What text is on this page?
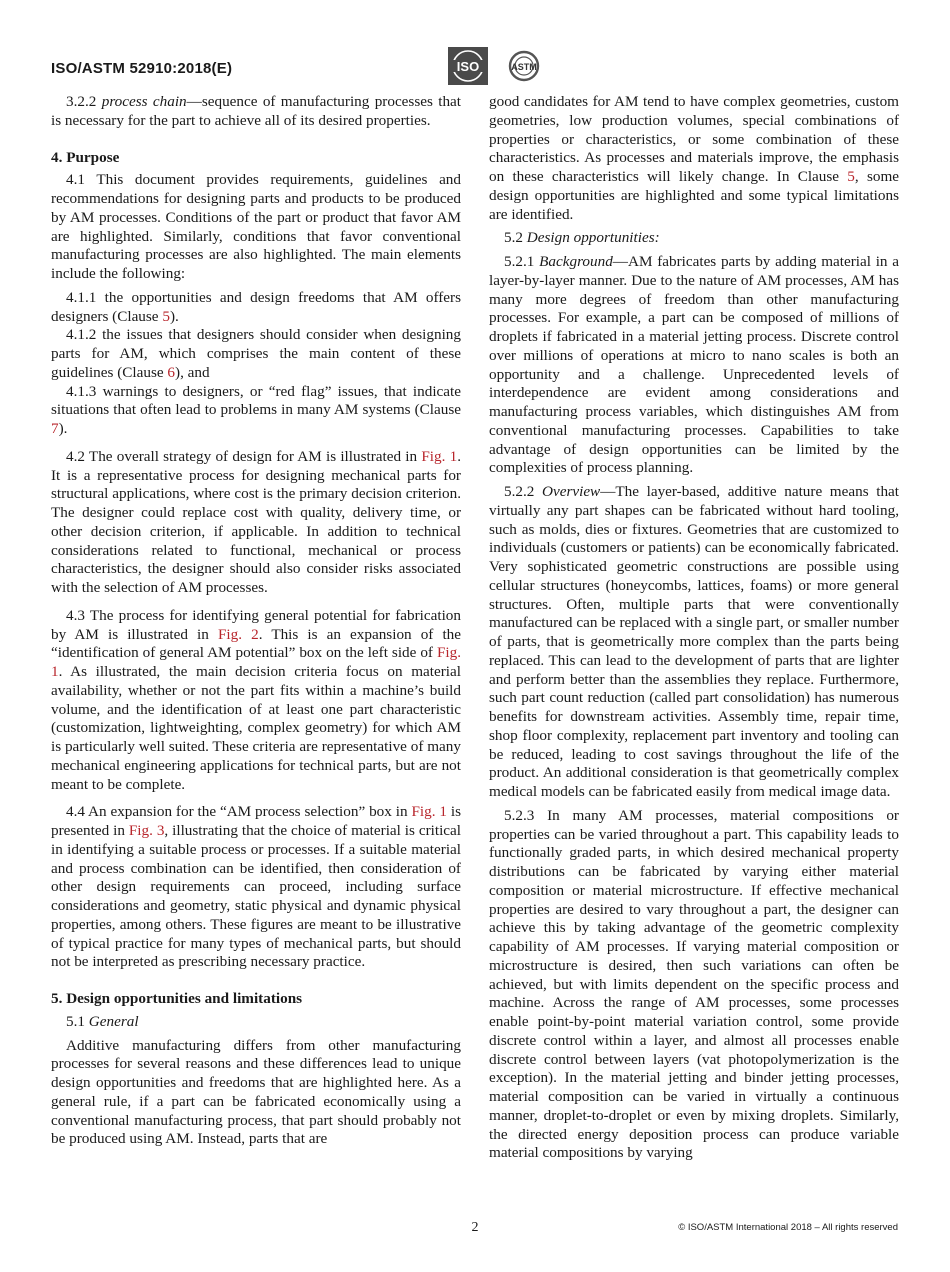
ISO/ASTM 52910:2018(E)	ISO	ASTM

3.2.2 process chain—sequence of manufacturing processes that is necessary for the part to achieve all of its desired properties.

4. Purpose

4.1 This document provides requirements, guidelines and recommendations for designing parts and products to be produced by AM processes. Conditions of the part or product that favor AM are highlighted. Similarly, conditions that favor conventional manufacturing processes are also highlighted. The main elements include the following:

4.1.1 the opportunities and design freedoms that AM offers designers (Clause 5).

4.1.2 the issues that designers should consider when designing parts for AM, which comprises the main content of these guidelines (Clause 6), and

4.1.3 warnings to designers, or “red flag” issues, that indicate situations that often lead to problems in many AM systems (Clause 7).

4.2 The overall strategy of design for AM is illustrated in Fig. 1. It is a representative process for designing mechanical parts for structural applications, where cost is the primary decision criterion. The designer could replace cost with quality, delivery time, or other decision criterion, if applicable. In addition to technical considerations related to functional, mechanical or process characteristics, the designer should also consider risks associated with the selection of AM processes.

4.3 The process for identifying general potential for fabrication by AM is illustrated in Fig. 2. This is an expansion of the “identification of general AM potential” box on the left side of Fig. 1. As illustrated, the main decision criteria focus on material availability, whether or not the part fits within a machine’s build volume, and the identification of at least one part characteristic (customization, lightweighting, complex geometry) for which AM is particularly well suited. These criteria are representative of many mechanical engineering applications for technical parts, but are not meant to be complete.

4.4 An expansion for the “AM process selection” box in Fig. 1 is presented in Fig. 3, illustrating that the choice of material is critical in identifying a suitable process or processes. If a suitable material and process combination can be identified, then consideration of other design requirements can proceed, including surface considerations and geometry, static physical and dynamic physical properties, among others. These figures are meant to be illustrative of typical practice for many types of mechanical parts, but should not be interpreted as prescribing necessary practice.

5. Design opportunities and limitations

5.1 General

Additive manufacturing differs from other manufacturing processes for several reasons and these differences lead to unique design opportunities and freedoms that are highlighted here. As a general rule, if a part can be fabricated economically using a conventional manufacturing process, that part should probably not be produced using AM. Instead, parts that are

good candidates for AM tend to have complex geometries, custom geometries, low production volumes, special combinations of properties or characteristics, or some combination of these characteristics. As processes and materials improve, the emphasis on these characteristics will likely change. In Clause 5, some design opportunities are highlighted and some typical limitations are identified.

5.2 Design opportunities:

5.2.1 Background—AM fabricates parts by adding material in a layer-by-layer manner. Due to the nature of AM processes, AM has many more degrees of freedom than other manufacturing processes. For example, a part can be composed of millions of droplets if fabricated in a material jetting process. Discrete control over millions of operations at micro to nano scales is both an opportunity and a challenge. Unprecedented levels of interdependence are evident among considerations and manufacturing process variables, which distinguishes AM from conventional manufacturing processes. Capabilities to take advantage of design opportunities can be limited by the complexities of process planning.

5.2.2 Overview—The layer-based, additive nature means that virtually any part shapes can be fabricated without hard tooling, such as molds, dies or fixtures. Geometries that are customized to individuals (customers or patients) can be economically fabricated. Very sophisticated geometric constructions are possible using cellular structures (honeycombs, lattices, foams) or more general structures. Often, multiple parts that were conventionally manufactured can be replaced with a single part, or smaller number of parts, that is geometrically more complex than the parts being replaced. This can lead to the development of parts that are lighter and perform better than the assemblies they replace. Furthermore, such part count reduction (called part consolidation) has numerous benefits for downstream activities. Assembly time, repair time, shop floor complexity, replacement part inventory and tooling can be reduced, leading to cost savings throughout the life of the product. An additional consideration is that geometrically complex medical models can be fabricated easily from medical image data.

5.2.3 In many AM processes, material compositions or properties can be varied throughout a part. This capability leads to functionally graded parts, in which desired mechanical property distributions can be fabricated by varying either material composition or material microstructure. If effective mechanical properties are desired to vary throughout a part, the designer can achieve this by taking advantage of the geometric complexity capability of AM processes. If varying material composition or microstructure is desired, then such variations can often be achieved, but with limits dependent on the specific process and machine. Across the range of AM processes, some processes enable point-by-point material variation control, some provide discrete control within a layer, and almost all processes enable discrete control between layers (vat photopolymerization is the exception). In the material jetting and binder jetting processes, material composition can be varied in virtually a continuous manner, droplet-to-droplet or even by mixing droplets. Similarly, the directed energy deposition process can produce variable material compositions by varying

2	© ISO/ASTM International 2018 – All rights reserved
